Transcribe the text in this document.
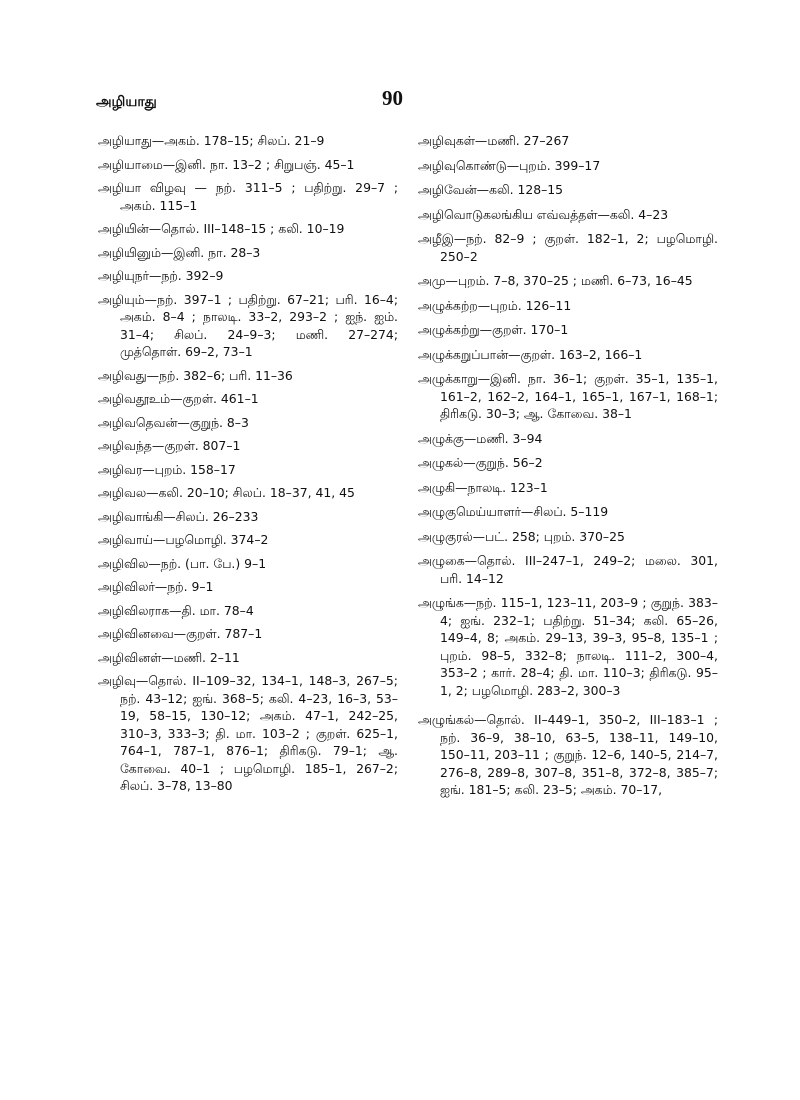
அழியாது	90

அழியாது—அகம். 178–15; சிலப். 21–9

அழியாமை—இனி. நா. 13–2 ; சிறுபஞ். 45–1

அழியா விழவு — நற். 311–5 ; பதிற்று. 29–7 ; அகம். 115–1

அழியின்—தொல். III–148–15 ; கலி. 10–19

அழியினும்—இனி. நா. 28–3

அழியுநர்—நற். 392–9

அழியும்—நற். 397–1 ; பதிற்று. 67–21; பரி. 16–4; அகம். 8–4 ; நாலடி. 33–2, 293–2 ; ஐந். ஐம். 31–4; சிலப். 24–9–3; மணி. 27–274; முத்தொள். 69–2, 73–1

அழிவது—நற். 382–6; பரி. 11–36

அழிவதூஉம்—குறள். 461–1

அழிவதெவன்—குறுந். 8–3

அழிவந்த—குறள். 807–1

அழிவர—புறம். 158–17

அழிவல—கலி. 20–10; சிலப். 18–37, 41, 45

அழிவாங்கி—சிலப். 26–233

அழிவாய்—பழமொழி. 374–2

அழிவில—நற். (பா. பே.) 9–1

அழிவிலர்—நற். 9–1

அழிவிலராக—தி. மா. 78–4

அழிவினவை—குறள். 787–1

அழிவினள்—மணி. 2–11

அழிவு—தொல். II–109–32, 134–1, 148–3, 267–5; நற். 43–12; ஐங். 368–5; கலி. 4–23, 16–3, 53–19, 58–15, 130–12; அகம். 47–1, 242–25, 310–3, 333–3; தி. மா. 103–2 ; குறள். 625–1, 764–1, 787–1, 876–1; திரிகடு. 79–1; ஆ. கோவை. 40–1 ; பழமொழி. 185–1, 267–2; சிலப். 3–78, 13–80

அழிவுகள்—மணி. 27–267

அழிவுகொண்டு—புறம். 399–17

அழிவேன்—கலி. 128–15

அழிவொடுகலங்கிய எவ்வத்தள்—கலி. 4–23

அழீஇ—நற். 82–9 ; குறள். 182–1, 2; பழமொழி. 250–2

அமு—புறம். 7–8, 370–25 ; மணி. 6–73, 16–45

அழுக்கற்ற—புறம். 126–11

அழுக்கற்று—குறள். 170–1

அழுக்கறுப்பான்—குறள். 163–2, 166–1

அழுக்காறு—இனி. நா. 36–1; குறள். 35–1, 135–1, 161–2, 162–2, 164–1, 165–1, 167–1, 168–1; திரிகடு. 30–3; ஆ. கோவை. 38–1

அழுக்கு—மணி. 3–94

அழுகல்—குறுந். 56–2

அழுகி—நாலடி. 123–1

அழுகுமெய்யாளர்—சிலப். 5–119

அழுகுரல்—பட். 258; புறம். 370–25

அழுகை—தொல். III–247–1, 249–2; மலை. 301, பரி. 14–12

அழுங்க—நற். 115–1, 123–11, 203–9 ; குறுந். 383–4; ஐங். 232–1; பதிற்று. 51–34; கலி. 65–26, 149–4, 8; அகம். 29–13, 39–3, 95–8, 135–1 ; புறம். 98–5, 332–8; நாலடி. 111–2, 300–4, 353–2 ; கார். 28–4; தி. மா. 110–3; திரிகடு. 95–1, 2; பழமொழி. 283–2, 300–3

அழுங்கல்—தொல். II–449–1, 350–2, III–183–1 ; நற். 36–9, 38–10, 63–5, 138–11, 149–10, 150–11, 203–11 ; குறுந். 12–6, 140–5, 214–7, 276–8, 289–8, 307–8, 351–8, 372–8, 385–7; ஐங். 181–5; கலி. 23–5; அகம். 70–17,
